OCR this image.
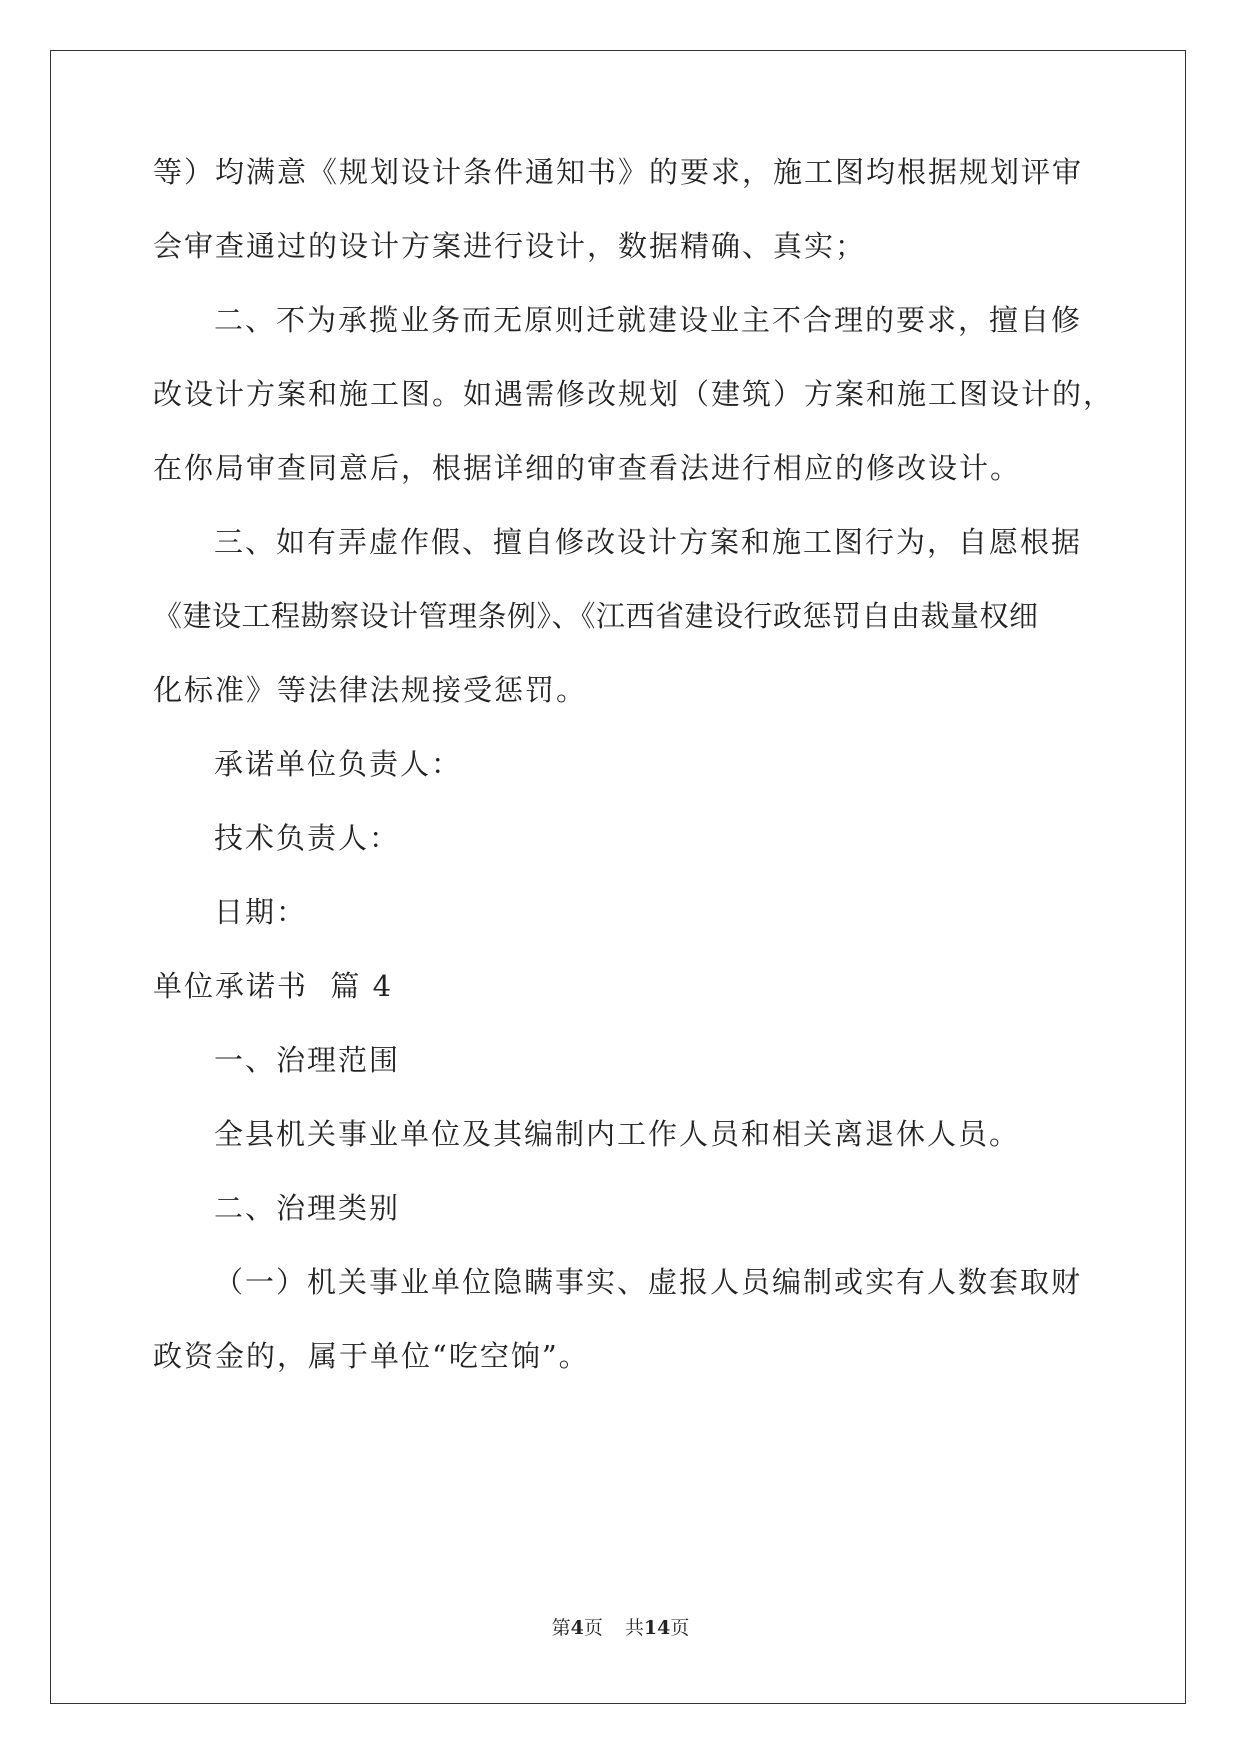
等）均满意《规划设计条件通知书》的要求，施工图均根据规划评审
会审查通过的设计方案进行设计，数据精确、真实；
二、不为承揽业务而无原则迁就建设业主不合理的要求，擅自修
改设计方案和施工图。如遇需修改规划（建筑）方案和施工图设计的，
在你局审查同意后，根据详细的审查看法进行相应的修改设计。
三、如有弄虚作假、擅自修改设计方案和施工图行为，自愿根据
《建设工程勘察设计管理条例》、《江西省建设行政惩罚自由裁量权细
化标准》等法律法规接受惩罚。
承诺单位负责人：
技术负责人：
日期：
单位承诺书  篇 4
一、治理范围
全县机关事业单位及其编制内工作人员和相关离退休人员。
二、治理类别
（一）机关事业单位隐瞒事实、虚报人员编制或实有人数套取财
政资金的，属于单位“吃空饷”。
第4页 共14页
